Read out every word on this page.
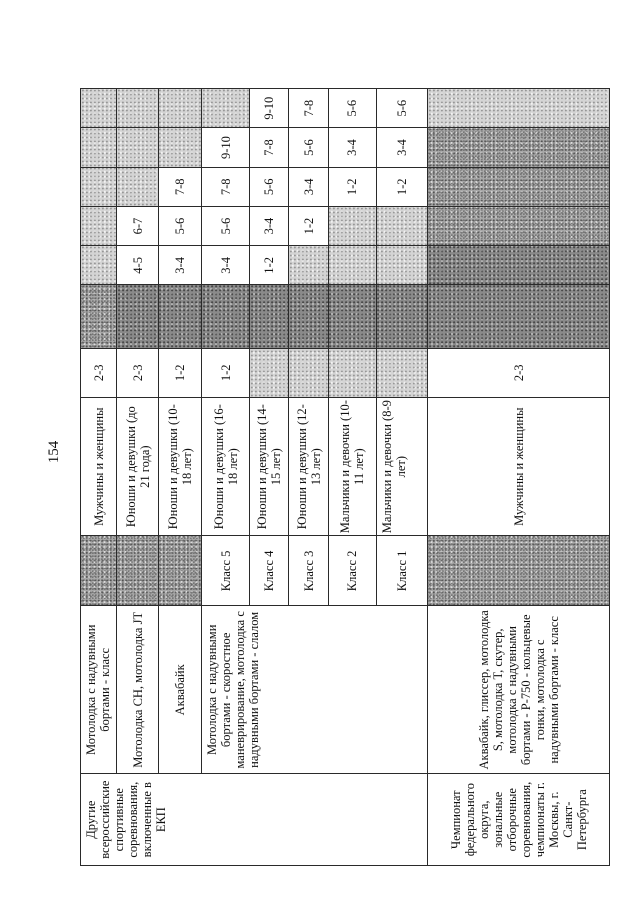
154
Другие всероссийские спортивные соревнования, включенные в ЕКП	Мотолодка с надувными бортами - класс		Мужчины и женщины	2-3						
	Мотолодка СН, мотолодка JT		Юноши и девушки (до 21 года)	2-3		4-5	6-7			
	Аквабайк		Юноши и девушки (10-18 лет)	1-2		3-4	5-6	7-8		
	Мотолодка с надувными бортами - скоростное маневрирование, мотолодка с надувными бортами - слалом	Класс 5	Юноши и девушки (16-18 лет)	1-2		3-4	5-6	7-8	9-10	
		Класс 4	Юноши и девушки (14-15 лет)			1-2	3-4	5-6	7-8	9-10
		Класс 3	Юноши и девушки (12-13 лет)				1-2	3-4	5-6	7-8
		Класс 2	Мальчики и девочки (10-11 лет)					1-2	3-4	5-6
		Класс 1	Мальчики и девочки (8-9 лет)					1-2	3-4	5-6
Чемпионат федерального округа, зональные отборочные соревнования, чемпионаты г. Москвы, г. Санкт-Петербурга	Аквабайк, глиссер, мотолодка S, мотолодка T, скутер, мотолодка с надувными бортами - Р-750 - кольцевые гонки, мотолодка с надувными бортами - класс		Мужчины и женщины	2-3						
